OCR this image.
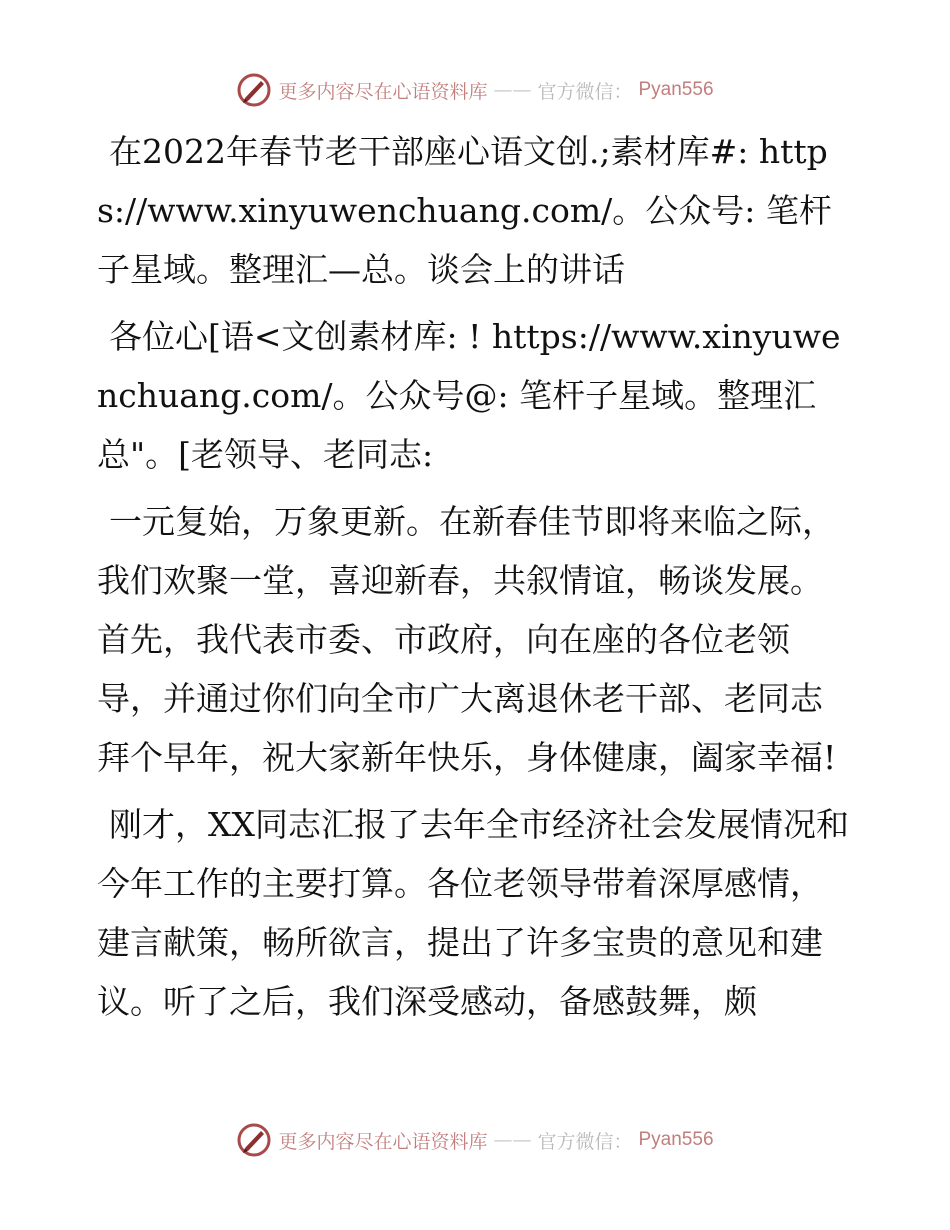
更多内容尽在心语资料库 —— 官方微信： Pyan556

在2022年春节老干部座心语文创.;素材库#: https://www.xinyuwenchuang.com/。公众号: 笔杆子星域。整理汇—总。谈会上的讲话

各位心[语<文创素材库: ! https://www.xinyuwenchuang.com/。公众号@: 笔杆子星域。整理汇总"。[老领导、老同志:

一元复始，万象更新。在新春佳节即将来临之际，我们欢聚一堂，喜迎新春，共叙情谊，畅谈发展。首先，我代表市委、市政府，向在座的各位老领导，并通过你们向全市广大离退休老干部、老同志拜个早年，祝大家新年快乐，身体健康，阖家幸福!

刚才，XX同志汇报了去年全市经济社会发展情况和今年工作的主要打算。各位老领导带着深厚感情，建言献策，畅所欲言，提出了许多宝贵的意见和建议。听了之后，我们深受感动，备感鼓舞，颇

更多内容尽在心语资料库 —— 官方微信： Pyan556
